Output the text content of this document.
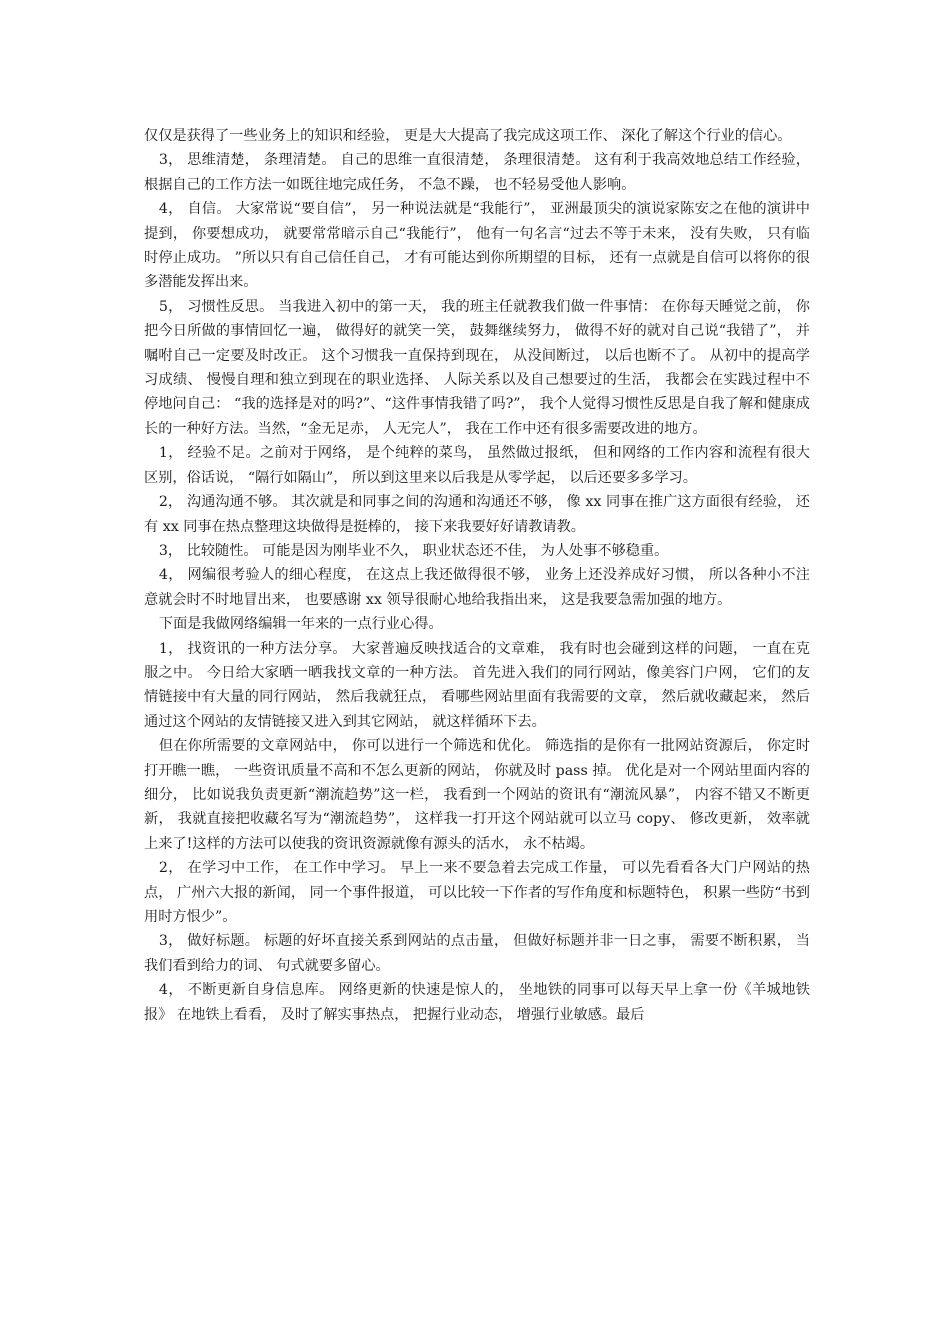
仅仅是获得了一些业务上的知识和经验， 更是大大提高了我完成这项工作、 深化了解这个行业的信心。

3， 思维清楚， 条理清楚。 自己的思维一直很清楚， 条理很清楚。 这有利于我高效地总结工作经验， 根据自己的工作方法一如既往地完成任务， 不急不躁， 也不轻易受他人影响。

4， 自信。 大家常说“要自信”， 另一种说法就是“我能行”， 亚洲最顶尖的演说家陈安之在他的演讲中提到， 你要想成功， 就要常常暗示自己“我能行”， 他有一句名言“过去不等于未来， 没有失败， 只有临时停止成功。 ”所以只有自己信任自己， 才有可能达到你所期望的目标， 还有一点就是自信可以将你的很多潜能发挥出来。

5， 习惯性反思。 当我进入初中的第一天， 我的班主任就教我们做一件事情： 在你每天睡觉之前， 你把今日所做的事情回忆一遍， 做得好的就笑一笑， 鼓舞继续努力， 做得不好的就对自己说“我错了”， 并嘱咐自己一定要及时改正。 这个习惯我一直保持到现在， 从没间断过， 以后也断不了。 从初中的提高学习成绩、 慢慢自理和独立到现在的职业选择、 人际关系以及自己想要过的生活， 我都会在实践过程中不停地问自己： “我的选择是对的吗?”、“这件事情我错了吗?”， 我个人觉得习惯性反思是自我了解和健康成长的一种好方法。当然，“金无足赤， 人无完人”， 我在工作中还有很多需要改进的地方。

1， 经验不足。之前对于网络， 是个纯粹的菜鸟， 虽然做过报纸， 但和网络的工作内容和流程有很大区别，俗话说， “隔行如隔山”， 所以到这里来以后我是从零学起， 以后还要多多学习。

2， 沟通沟通不够。 其次就是和同事之间的沟通和沟通还不够， 像 xx 同事在推广这方面很有经验， 还有 xx 同事在热点整理这块做得是挺棒的， 接下来我要好好请教请教。

3， 比较随性。 可能是因为刚毕业不久， 职业状态还不佳， 为人处事不够稳重。

4， 网编很考验人的细心程度， 在这点上我还做得很不够， 业务上还没养成好习惯， 所以各种小不注意就会时不时地冒出来， 也要感谢 xx 领导很耐心地给我指出来， 这是我要急需加强的地方。

下面是我做网络编辑一年来的一点行业心得。

1， 找资讯的一种方法分享。 大家普遍反映找适合的文章难， 我有时也会碰到这样的问题， 一直在克服之中。 今日给大家晒一晒我找文章的一种方法。 首先进入我们的同行网站，像美容门户网， 它们的友情链接中有大量的同行网站， 然后我就狂点， 看哪些网站里面有我需要的文章， 然后就收藏起来， 然后通过这个网站的友情链接又进入到其它网站， 就这样循环下去。

但在你所需要的文章网站中， 你可以进行一个筛选和优化。 筛选指的是你有一批网站资源后， 你定时打开瞧一瞧， 一些资讯质量不高和不怎么更新的网站， 你就及时 pass 掉。 优化是对一个网站里面内容的细分， 比如说我负责更新“潮流趋势”这一栏， 我看到一个网站的资讯有“潮流风暴”， 内容不错又不断更新， 我就直接把收藏名写为“潮流趋势”， 这样我一打开这个网站就可以立马 copy、 修改更新， 效率就上来了!这样的方法可以使我的资讯资源就像有源头的活水， 永不枯竭。

2， 在学习中工作， 在工作中学习。 早上一来不要急着去完成工作量， 可以先看看各大门户网站的热点， 广州六大报的新闻， 同一个事件报道， 可以比较一下作者的写作角度和标题特色， 积累一些防“书到用时方恨少”。

3， 做好标题。 标题的好坏直接关系到网站的点击量， 但做好标题并非一日之事， 需要不断积累， 当我们看到给力的词、 句式就要多留心。

4， 不断更新自身信息库。 网络更新的快速是惊人的， 坐地铁的同事可以每天早上拿一份《羊城地铁报》 在地铁上看看， 及时了解实事热点， 把握行业动态， 增强行业敏感。最后
